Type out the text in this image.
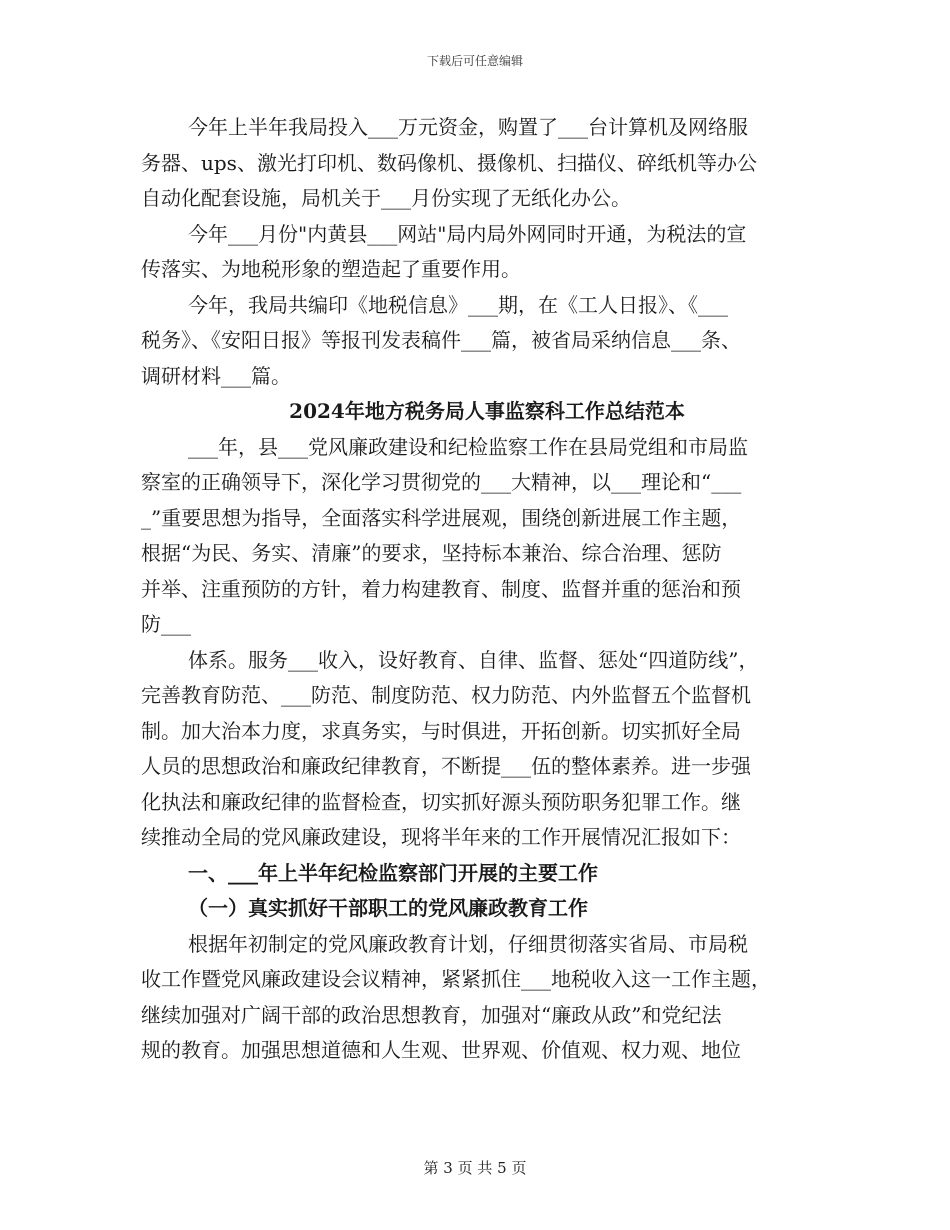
下载后可任意编辑
今年上半年我局投入___万元资金，购置了___台计算机及网络服
务器、ups、激光打印机、数码像机、摄像机、扫描仪、碎纸机等办公
自动化配套设施，局机关于___月份实现了无纸化办公。
今年___月份"内黄县___网站"局内局外网同时开通，为税法的宣
传落实、为地税形象的塑造起了重要作用。
今年，我局共编印《地税信息》___期，在《工人日报》、《___
税务》、《安阳日报》等报刊发表稿件___篇，被省局采纳信息___条、
调研材料___篇。
2024年地方税务局人事监察科工作总结范本
___年，县___党风廉政建设和纪检监察工作在县局党组和市局监
察室的正确领导下，深化学习贯彻党的___大精神，以___理论和“___
_”重要思想为指导，全面落实科学进展观，围绕创新进展工作主题，
根据“为民、务实、清廉”的要求，坚持标本兼治、综合治理、惩防
并举、注重预防的方针，着力构建教育、制度、监督并重的惩治和预
防___
体系。服务___收入，设好教育、自律、监督、惩处“四道防线”，
完善教育防范、___防范、制度防范、权力防范、内外监督五个监督机
制。加大治本力度，求真务实，与时俱进，开拓创新。切实抓好全局
人员的思想政治和廉政纪律教育，不断提___伍的整体素养。进一步强
化执法和廉政纪律的监督检查，切实抓好源头预防职务犯罪工作。继
续推动全局的党风廉政建设，现将半年来的工作开展情况汇报如下：
一、___年上半年纪检监察部门开展的主要工作
（一）真实抓好干部职工的党风廉政教育工作
根据年初制定的党风廉政教育计划，仔细贯彻落实省局、市局税
收工作暨党风廉政建设会议精神，紧紧抓住___地税收入这一工作主题，
继续加强对广阔干部的政治思想教育，加强对“廉政从政”和党纪法
规的教育。加强思想道德和人生观、世界观、价值观、权力观、地位
第 3 页 共 5 页
